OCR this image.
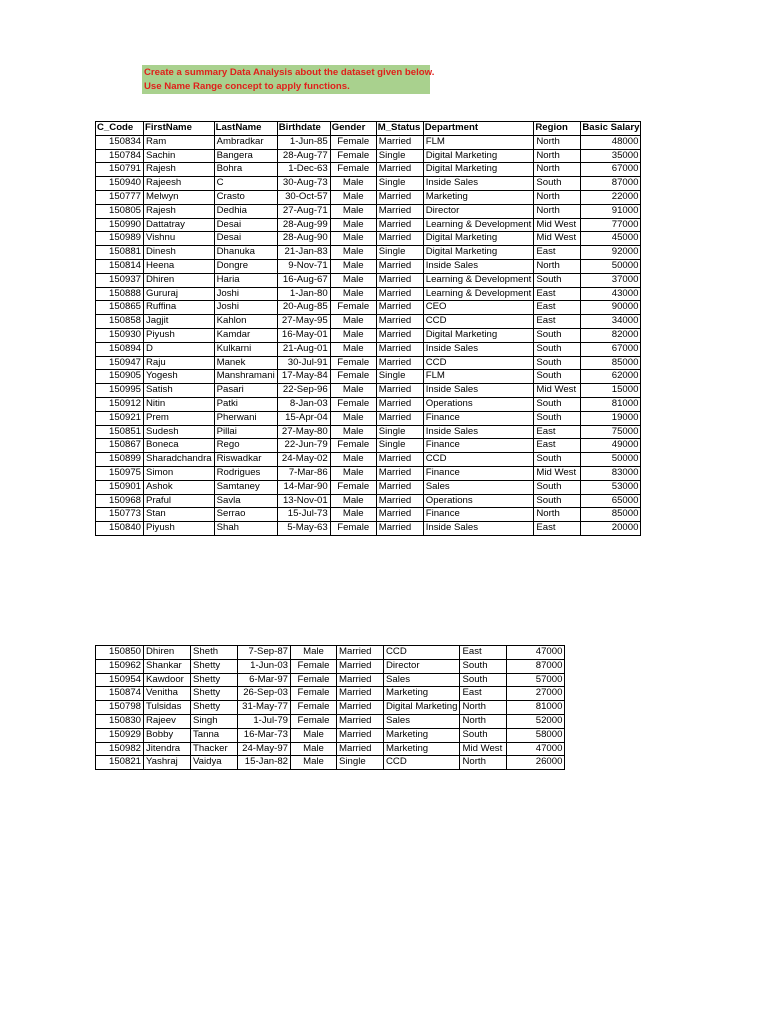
Create a summary Data Analysis about the dataset given below.
Use Name Range concept to apply functions.
C_Code	FirstName	LastName	Birthdate	Gender	M_Status	Department	Region	Basic Salary
150834	Ram	Ambradkar	1-Jun-85	Female	Married	FLM	North	48000
150784	Sachin	Bangera	28-Aug-77	Female	Single	Digital Marketing	North	35000
150791	Rajesh	Bohra	1-Dec-63	Female	Married	Digital Marketing	North	67000
150940	Rajeesh	C	30-Aug-73	Male	Single	Inside Sales	South	87000
150777	Melwyn	Crasto	30-Oct-57	Male	Married	Marketing	North	22000
150805	Rajesh	Dedhia	27-Aug-71	Male	Married	Director	North	91000
150990	Dattatray	Desai	28-Aug-99	Male	Married	Learning & Development	Mid West	77000
150989	Vishnu	Desai	28-Aug-90	Male	Married	Digital Marketing	Mid West	45000
150881	Dinesh	Dhanuka	21-Jan-83	Male	Single	Digital Marketing	East	92000
150814	Heena	Dongre	9-Nov-71	Male	Married	Inside Sales	North	50000
150937	Dhiren	Haria	16-Aug-67	Male	Married	Learning & Development	South	37000
150888	Gururaj	Joshi	1-Jan-80	Male	Married	Learning & Development	East	43000
150865	Ruffina	Joshi	20-Aug-85	Female	Married	CEO	East	90000
150858	Jagjit	Kahlon	27-May-95	Male	Married	CCD	East	34000
150930	Piyush	Kamdar	16-May-01	Male	Married	Digital Marketing	South	82000
150894	D	Kulkarni	21-Aug-01	Male	Married	Inside Sales	South	67000
150947	Raju	Manek	30-Jul-91	Female	Married	CCD	South	85000
150905	Yogesh	Manshramani	17-May-84	Female	Single	FLM	South	62000
150995	Satish	Pasari	22-Sep-96	Male	Married	Inside Sales	Mid West	15000
150912	Nitin	Patki	8-Jan-03	Female	Married	Operations	South	81000
150921	Prem	Pherwani	15-Apr-04	Male	Married	Finance	South	19000
150851	Sudesh	Pillai	27-May-80	Male	Single	Inside Sales	East	75000
150867	Boneca	Rego	22-Jun-79	Female	Single	Finance	East	49000
150899	Sharadchandra	Riswadkar	24-May-02	Male	Married	CCD	South	50000
150975	Simon	Rodrigues	7-Mar-86	Male	Married	Finance	Mid West	83000
150901	Ashok	Samtaney	14-Mar-90	Female	Married	Sales	South	53000
150968	Praful	Savla	13-Nov-01	Male	Married	Operations	South	65000
150773	Stan	Serrao	15-Jul-73	Male	Married	Finance	North	85000
150840	Piyush	Shah	5-May-63	Female	Married	Inside Sales	East	20000
150850	Dhiren	Sheth	7-Sep-87	Male	Married	CCD	East	47000
150962	Shankar	Shetty	1-Jun-03	Female	Married	Director	South	87000
150954	Kawdoor	Shetty	6-Mar-97	Female	Married	Sales	South	57000
150874	Venitha	Shetty	26-Sep-03	Female	Married	Marketing	East	27000
150798	Tulsidas	Shetty	31-May-77	Female	Married	Digital Marketing	North	81000
150830	Rajeev	Singh	1-Jul-79	Female	Married	Sales	North	52000
150929	Bobby	Tanna	16-Mar-73	Male	Married	Marketing	South	58000
150982	Jitendra	Thacker	24-May-97	Male	Married	Marketing	Mid West	47000
150821	Yashraj	Vaidya	15-Jan-82	Male	Single	CCD	North	26000
